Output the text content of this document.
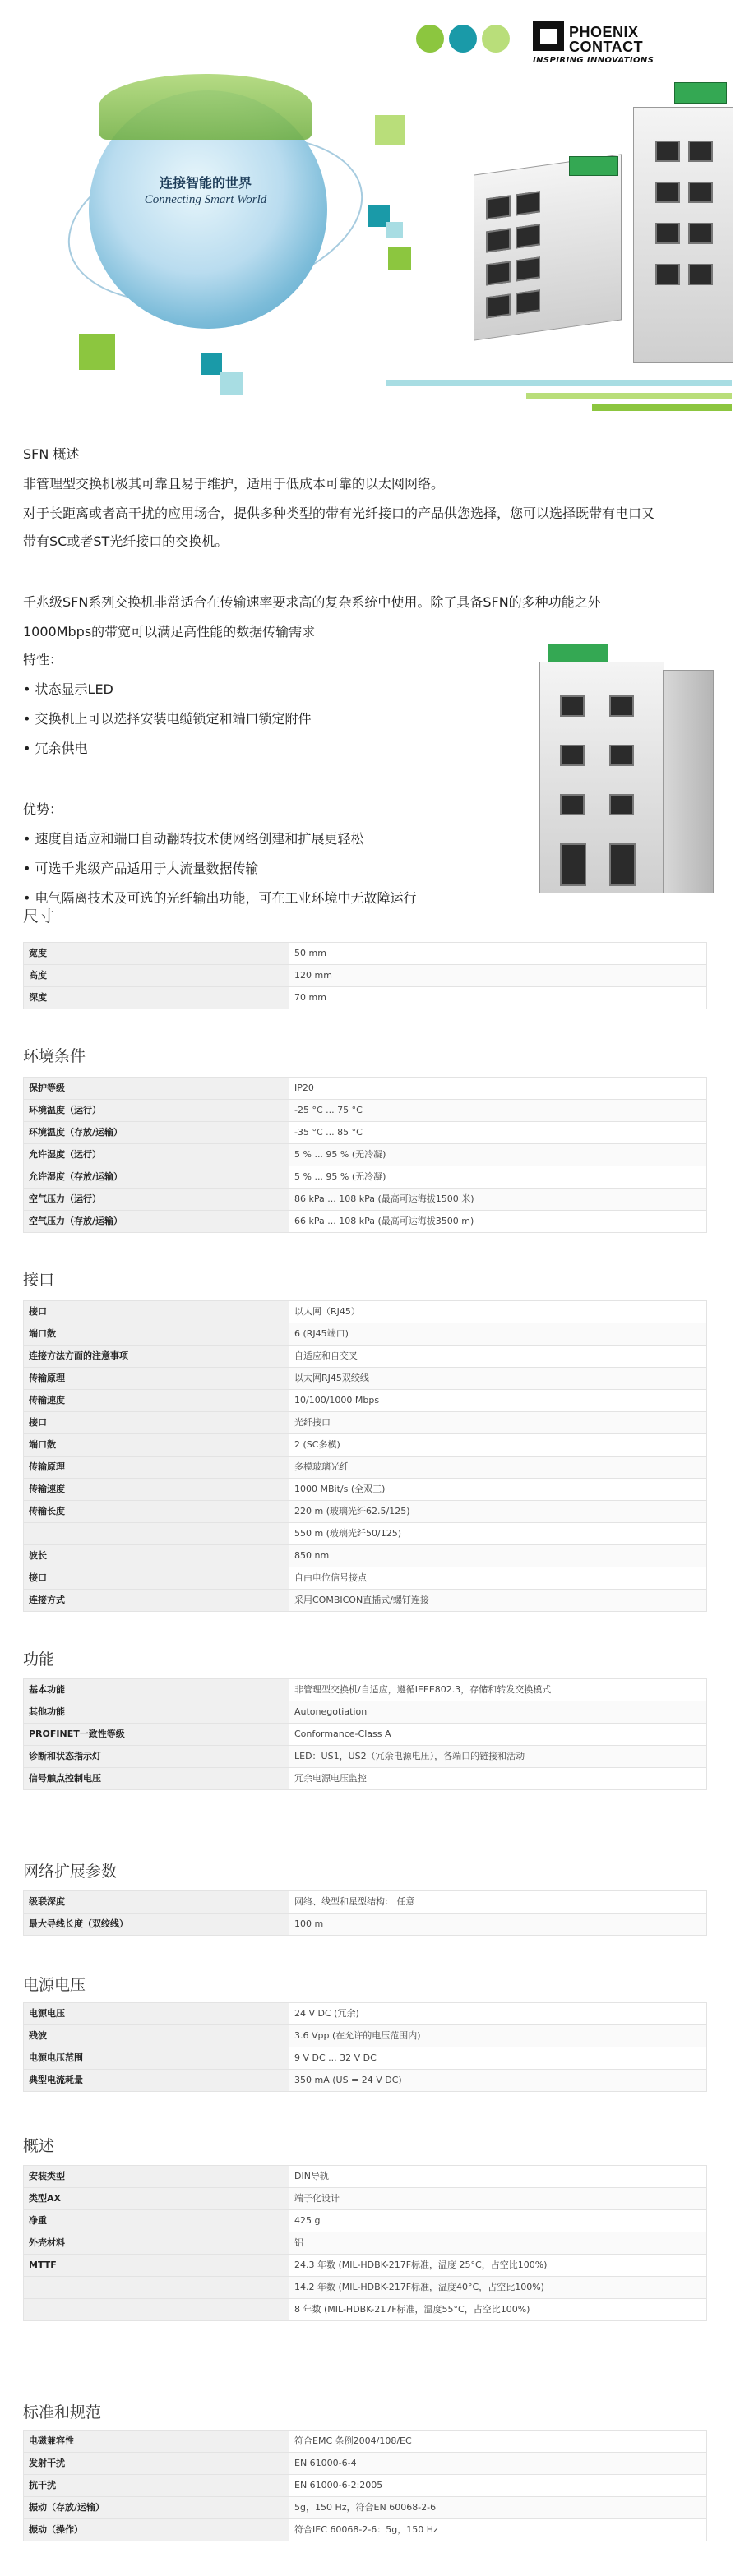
连接智能的世界
Connecting Smart World
PHOENIX CONTACT
INSPIRING INNOVATIONS
SFN 概述
非管理型交换机极其可靠且易于维护，适用于低成本可靠的以太网网络。
对于长距离或者高干扰的应用场合，提供多种类型的带有光纤接口的产品供您选择，您可以选择既带有电口又
带有SC或者ST光纤接口的交换机。
千兆级SFN系列交换机非常适合在传输速率要求高的复杂系统中使用。除了具备SFN的多种功能之外
1000Mbps的带宽可以满足高性能的数据传输需求
特性：
• 状态显示LED
• 交换机上可以选择安装电缆锁定和端口锁定附件
• 冗余供电
优势：
• 速度自适应和端口自动翻转技术使网络创建和扩展更轻松
• 可选千兆级产品适用于大流量数据传输
• 电气隔离技术及可选的光纤输出功能，可在工业环境中无故障运行
尺寸
宽度	50 mm
高度	120 mm
深度	70 mm
环境条件
保护等级	IP20
环境温度（运行）	-25 °C ... 75 °C
环境温度（存放/运输）	-35 °C ... 85 °C
允许湿度（运行）	5 % ... 95 % (无冷凝)
允许湿度（存放/运输）	5 % ... 95 % (无冷凝)
空气压力（运行）	86 kPa ... 108 kPa (最高可达海拔1500 米)
空气压力（存放/运输）	66 kPa ... 108 kPa (最高可达海拔3500 m)
接口
接口	以太网（RJ45）
端口数	6 (RJ45端口)
连接方法方面的注意事项	自适应和自交叉
传输原理	以太网RJ45双绞线
传输速度	10/100/1000 Mbps
接口	光纤接口
端口数	2 (SC多模)
传输原理	多模玻璃光纤
传输速度	1000 MBit/s (全双工)
传输长度	220 m (玻璃光纤62.5/125)
	550 m (玻璃光纤50/125)
波长	850 nm
接口	自由电位信号接点
连接方式	采用COMBICON直插式/螺钉连接
功能
基本功能	非管理型交换机/自适应，遵循IEEE802.3，存储和转发交换模式
其他功能	Autonegotiation
PROFINET一致性等级	Conformance-Class A
诊断和状态指示灯	LED：US1，US2（冗余电源电压），各端口的链接和活动
信号触点控制电压	冗余电源电压监控
网络扩展参数
级联深度	网络、线型和星型结构： 任意
最大导线长度（双绞线）	100 m
电源电压
电源电压	24 V DC (冗余)
残波	3.6 Vpp (在允许的电压范围内)
电源电压范围	9 V DC ... 32 V DC
典型电流耗量	350 mA (US = 24 V DC)
概述
安装类型	DIN导轨
类型AX	端子化设计
净重	425 g
外壳材料	铝
MTTF	24.3 年数 (MIL-HDBK-217F标准，温度 25°C，占空比100%)
	14.2 年数 (MIL-HDBK-217F标准，温度40°C，占空比100%)
	8 年数 (MIL-HDBK-217F标准，温度55°C，占空比100%)
标准和规范
电磁兼容性	符合EMC 条例2004/108/EC
发射干扰	EN 61000-6-4
抗干扰	EN 61000-6-2:2005
振动（存放/运输）	5g，150 Hz，符合EN 60068-2-6
振动（操作）	符合IEC 60068-2-6：5g，150 Hz
